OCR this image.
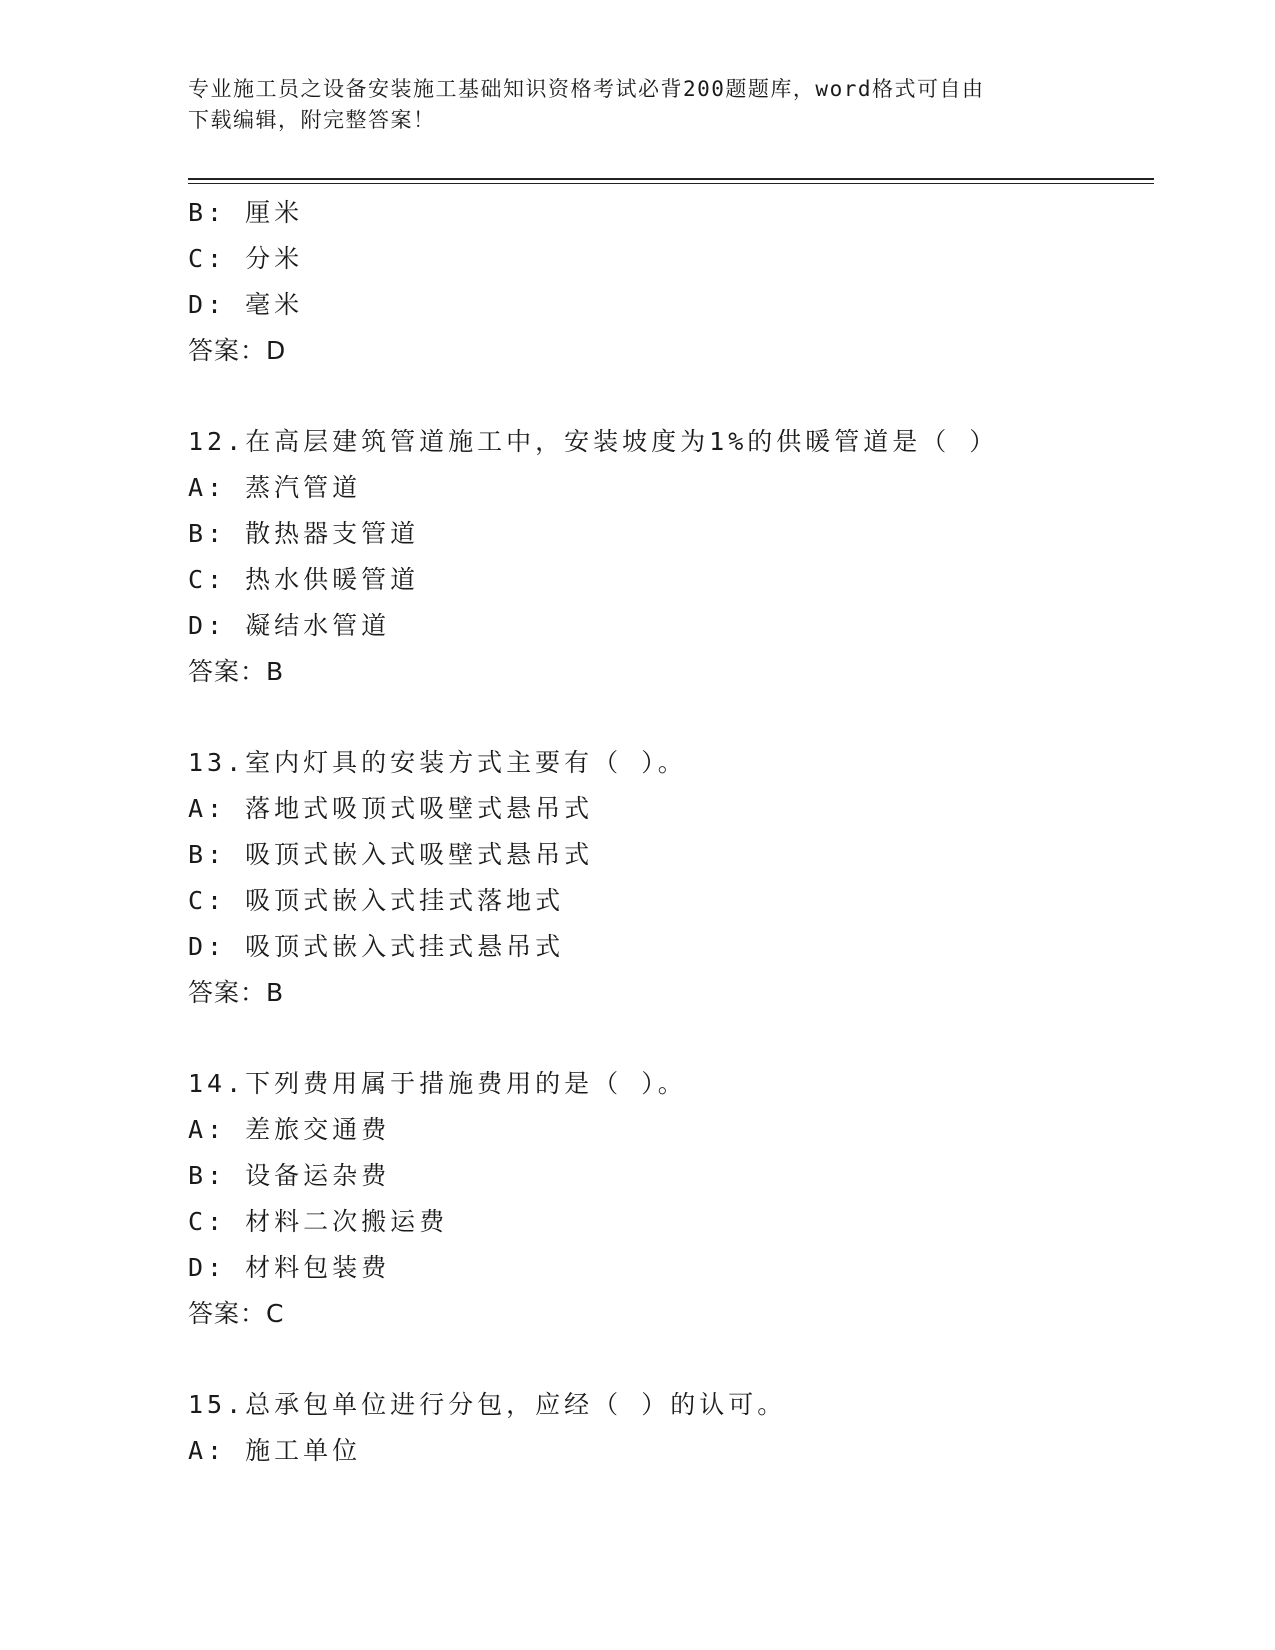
专业施工员之设备安装施工基础知识资格考试必背200题题库，word格式可自由
下载编辑，附完整答案！
B: 厘米
C: 分米
D: 毫米
答案：D
12.在高层建筑管道施工中，安装坡度为1%的供暖管道是（ ）
A: 蒸汽管道
B: 散热器支管道
C: 热水供暖管道
D: 凝结水管道
答案：B
13.室内灯具的安装方式主要有（ ）。
A: 落地式吸顶式吸壁式悬吊式
B: 吸顶式嵌入式吸壁式悬吊式
C: 吸顶式嵌入式挂式落地式
D: 吸顶式嵌入式挂式悬吊式
答案：B
14.下列费用属于措施费用的是（ ）。
A: 差旅交通费
B: 设备运杂费
C: 材料二次搬运费
D: 材料包装费
答案：C
15.总承包单位进行分包，应经（ ）的认可。
A: 施工单位
